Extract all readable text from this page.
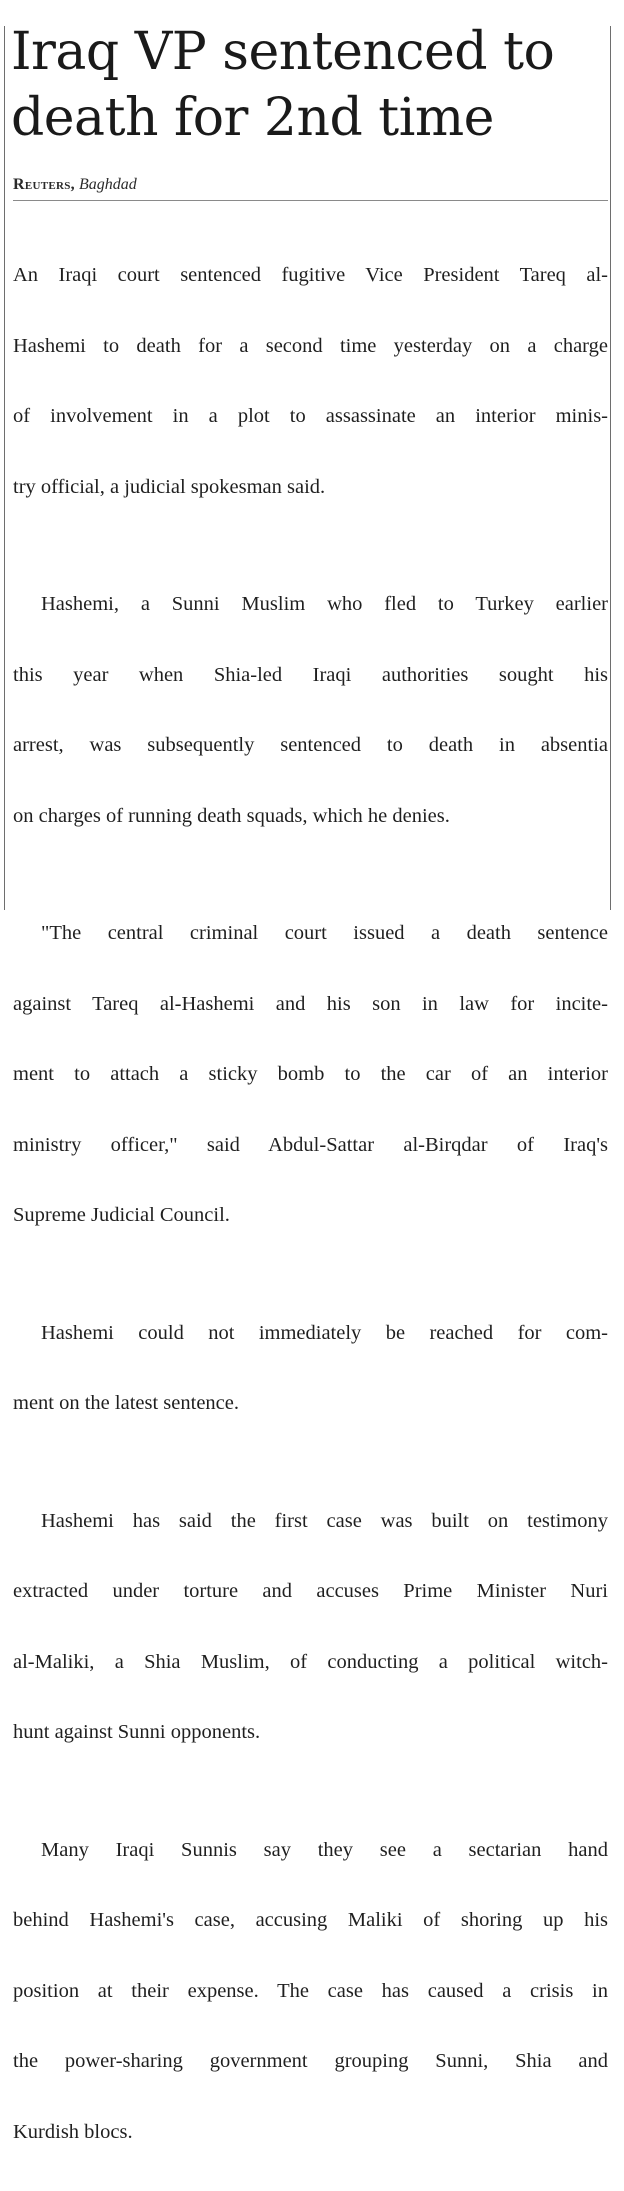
Iraq VP sentenced to
death for 2nd time
Reuters, Baghdad

An Iraqi court sentenced fugitive Vice President Tareq al-

Hashemi to death for a second time yesterday on a charge

of involvement in a plot to assassinate an interior minis-

try official, a judicial spokesman said.

Hashemi, a Sunni Muslim who fled to Turkey earlier

this year when Shia-led Iraqi authorities sought his

arrest, was subsequently sentenced to death in absentia

on charges of running death squads, which he denies.

"The central criminal court issued a death sentence

against Tareq al-Hashemi and his son in law for incite-

ment to attach a sticky bomb to the car of an interior

ministry officer," said Abdul-Sattar al-Birqdar of Iraq's

Supreme Judicial Council.

Hashemi could not immediately be reached for com-

ment on the latest sentence.

Hashemi has said the first case was built on testimony

extracted under torture and accuses Prime Minister Nuri

al-Maliki, a Shia Muslim, of conducting a political witch-

hunt against Sunni opponents.

Many Iraqi Sunnis say they see a sectarian hand

behind Hashemi's case, accusing Maliki of shoring up his

position at their expense. The case has caused a crisis in

the power-sharing government grouping Sunni, Shia and

Kurdish blocs.
